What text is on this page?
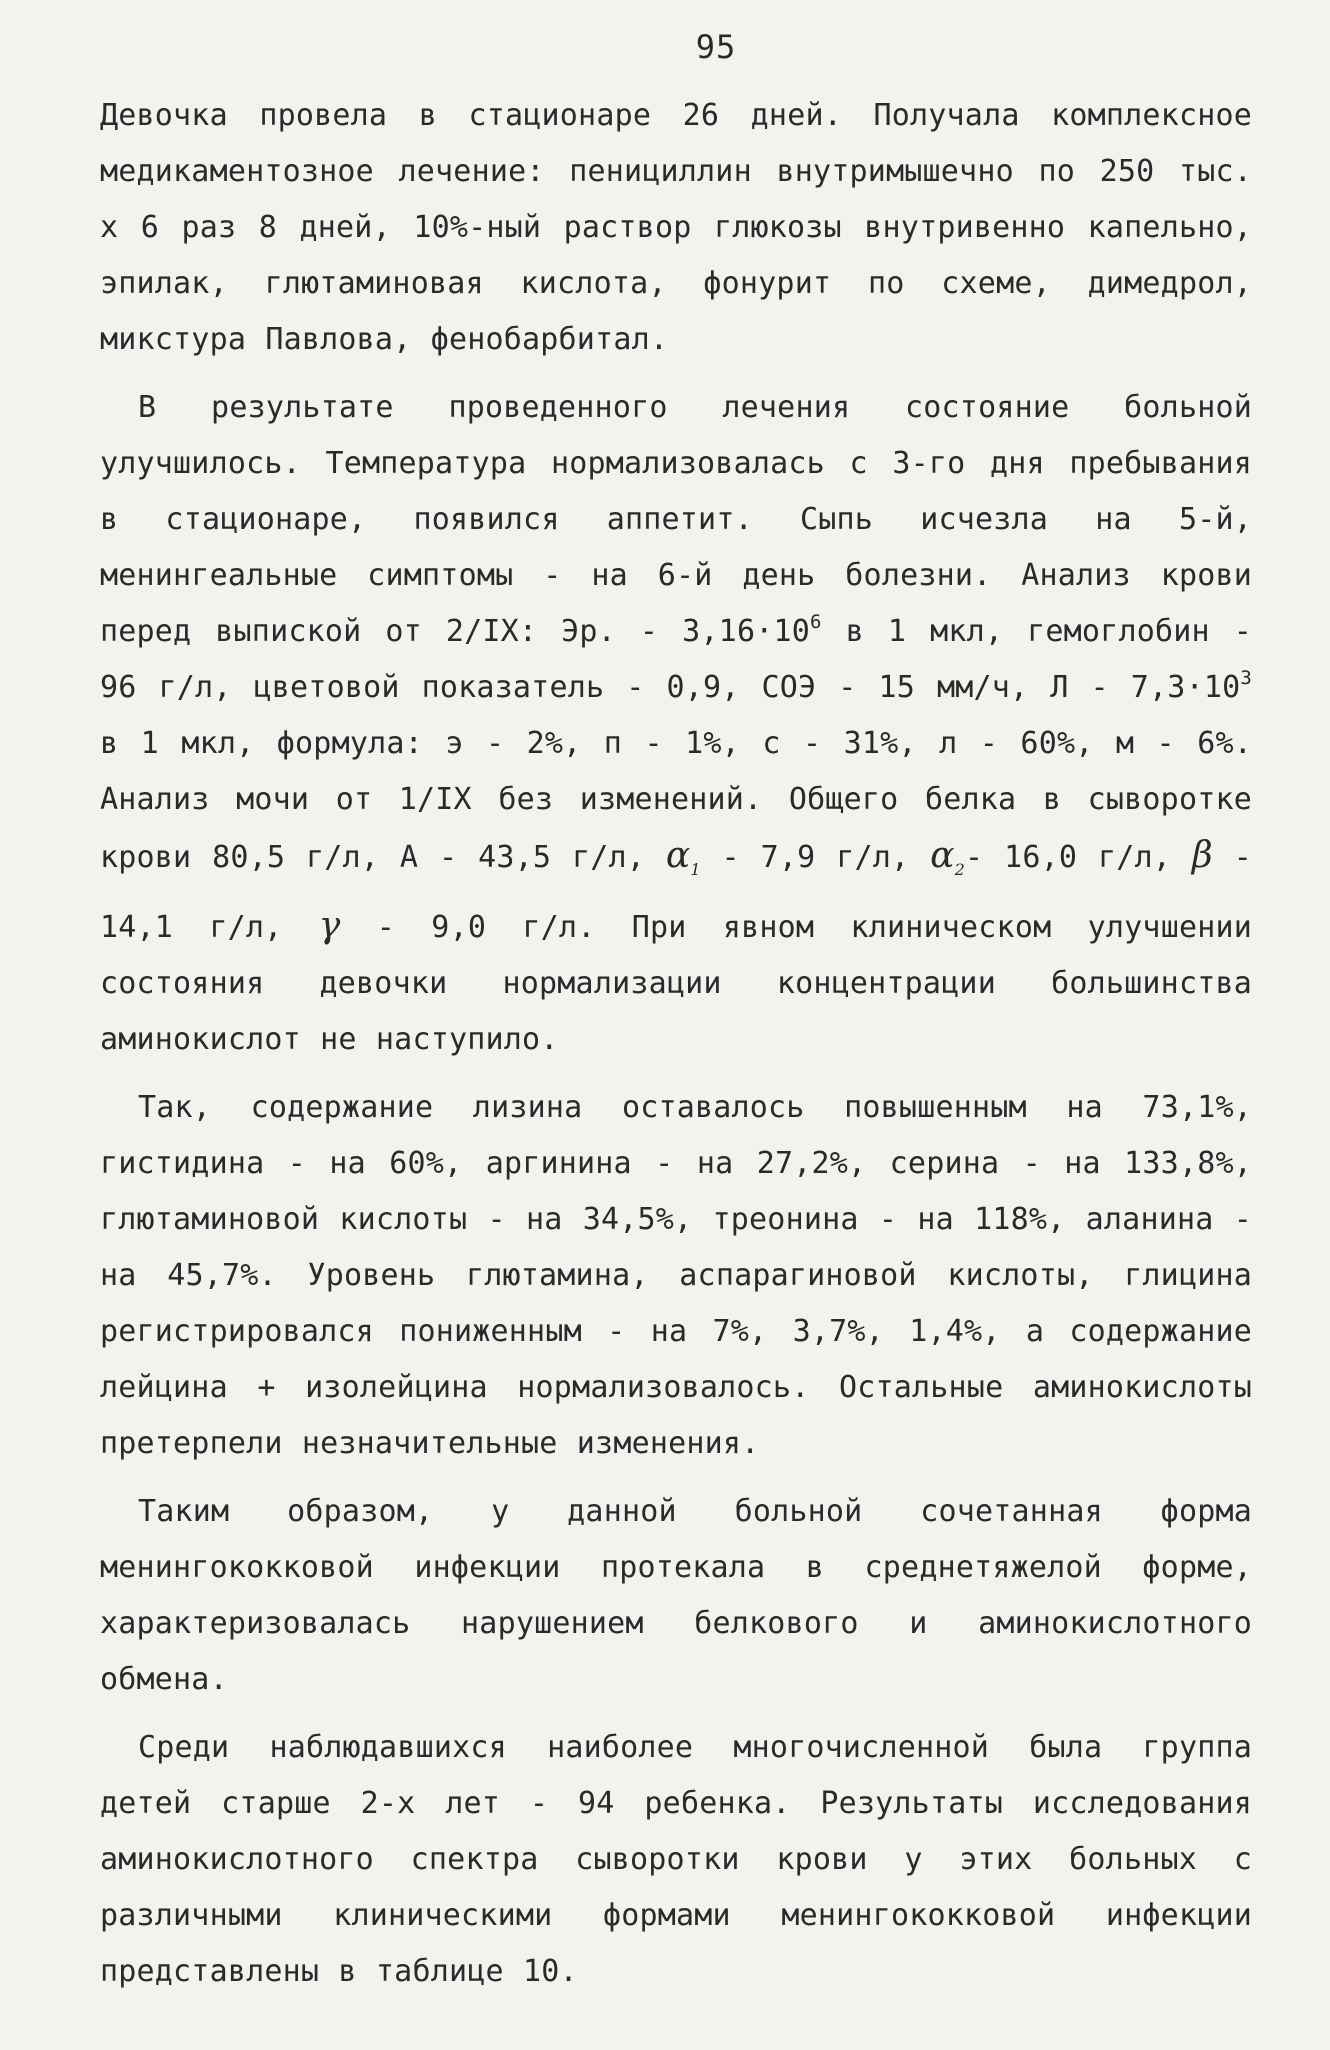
95

Девочка провела в стационаре 26 дней. Получала комплексное медикаментозное лечение: пенициллин внутримышечно по 250 тыс. х 6 раз 8 дней, 10%-ный раствор глюкозы внутривенно капельно, эпилак, глютаминовая кислота, фонурит по схеме, димедрол, микстура Павлова, фенобарбитал.

В результате проведенного лечения состояние больной улучшилось. Температура нормализовалась с 3-го дня пребывания в стационаре, появился аппетит. Сыпь исчезла на 5-й, менингеальные симптомы - на 6-й день болезни. Анализ крови перед выпиской от 2/IX: Эр. - $3,16\cdot 10^6$ в 1 мкл, гемоглобин - 96 г/л, цветовой показатель - 0,9, СОЭ - 15 мм/ч, $Л - 7,3\cdot 10^3$ в 1 мкл, формула: э - 2%, п - 1%, с - 31%, л - 60%, м - 6%. Анализ мочи от 1/IX без изменений. Общего белка в сыворотке крови 80,5 г/л, А - 43,5 г/л, $\alpha_1 - 7,9$ г/л, $\alpha_2-$ 16,0 г/л, β - 14,1 г/л, γ - 9,0 г/л. При явном клиническом улучшении состояния девочки нормализации концентрации большинства аминокислот не наступило.

Так, содержание лизина оставалось повышенным на 73,1%, гистидина - на 60%, аргинина - на 27,2%, серина - на 133,8%, глютаминовой кислоты - на 34,5%, треонина - на 118%, аланина - на 45,7%. Уровень глютамина, аспарагиновой кислоты, глицина регистрировался пониженным - на 7%, 3,7%, 1,4%, а содержание лейцина + изолейцина нормализовалось. Остальные аминокислоты претерпели незначительные изменения.

Таким образом, у данной больной сочетанная форма менингококковой инфекции протекала в среднетяжелой форме, характеризовалась нарушением белкового и аминокислотного обмена.

Среди наблюдавшихся наиболее многочисленной была группа детей старше 2-х лет - 94 ребенка. Результаты исследования аминокислотного спектра сыворотки крови у этих больных с различными клиническими формами менингококковой инфекции представлены в таблице 10.
